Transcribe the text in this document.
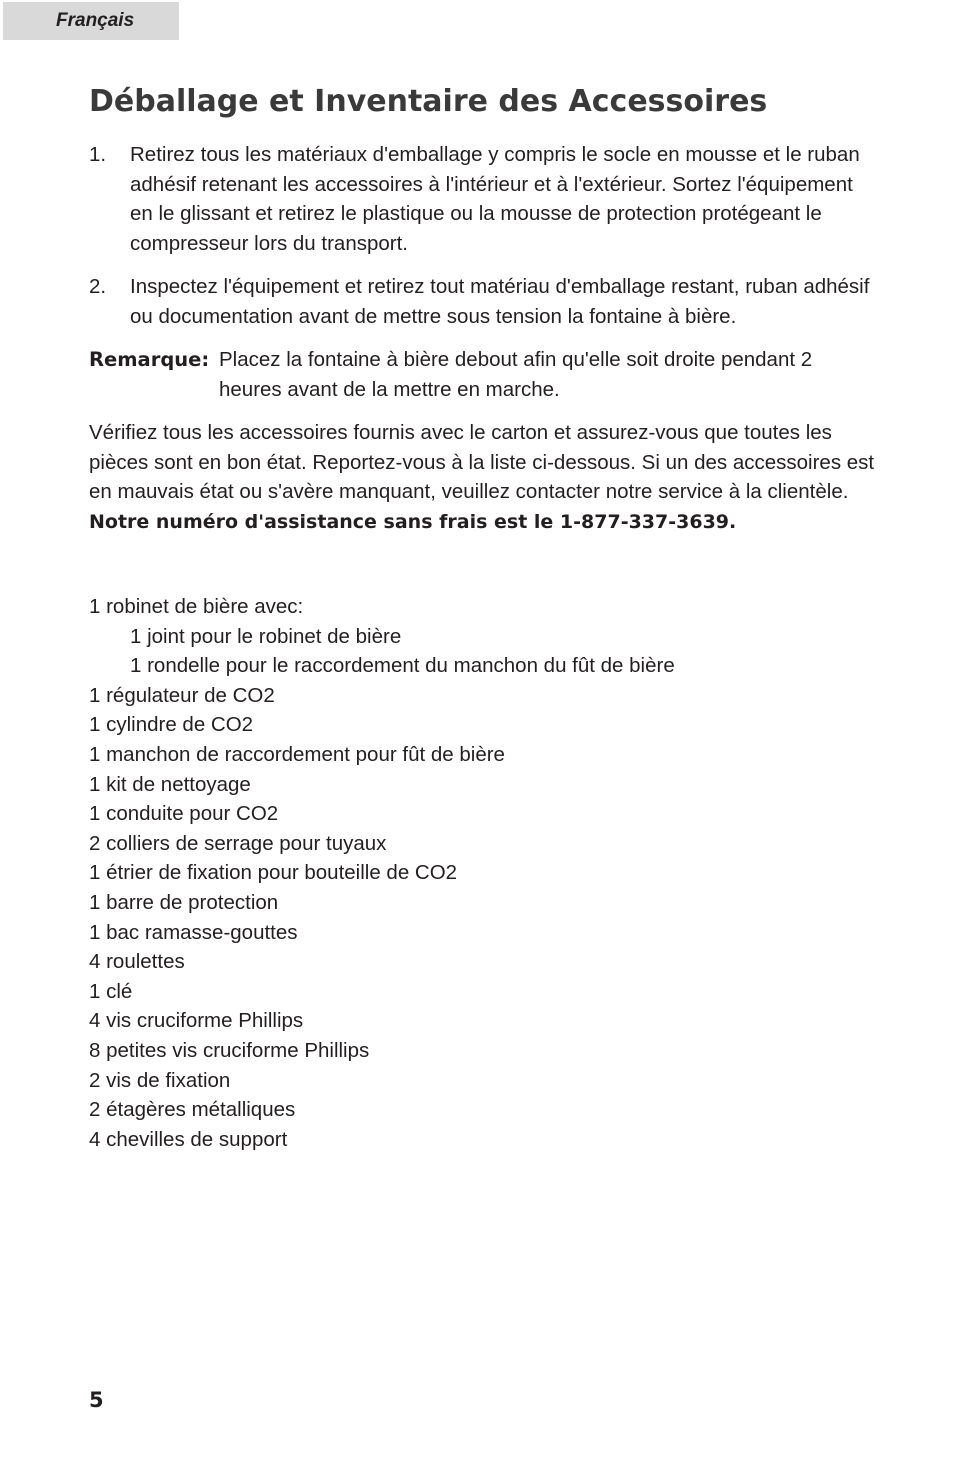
Français
Déballage et Inventaire des Accessoires
1.	Retirez tous les matériaux d'emballage y compris le socle en mousse et le ruban adhésif retenant les accessoires à l'intérieur et à l'extérieur. Sortez l'équipement en le glissant et retirez le plastique ou la mousse de protection protégeant le compresseur lors du transport.
2.	Inspectez l'équipement et retirez tout matériau d'emballage restant, ruban adhésif ou documentation avant de mettre sous tension la fontaine à bière.
Remarque: Placez la fontaine à bière debout afin qu'elle soit droite pendant 2 heures avant de la mettre en marche.

Vérifiez tous les accessoires fournis avec le carton et assurez-vous que toutes les pièces sont en bon état. Reportez-vous à la liste ci-dessous. Si un des accessoires est en mauvais état ou s'avère manquant, veuillez contacter notre service à la clientèle. Notre numéro d'assistance sans frais est le 1-877-337-3639.

1 robinet de bière avec:
1 joint pour le robinet de bière
1 rondelle pour le raccordement du manchon du fût de bière
1 régulateur de CO2
1 cylindre de CO2
1 manchon de raccordement pour fût de bière
1 kit de nettoyage
1 conduite pour CO2
2 colliers de serrage pour tuyaux
1 étrier de fixation pour bouteille de CO2
1 barre de protection
1 bac ramasse-gouttes
4 roulettes
1 clé
4 vis cruciforme Phillips
8 petites vis cruciforme Phillips
2 vis de fixation
2 étagères métalliques
4 chevilles de support
5
